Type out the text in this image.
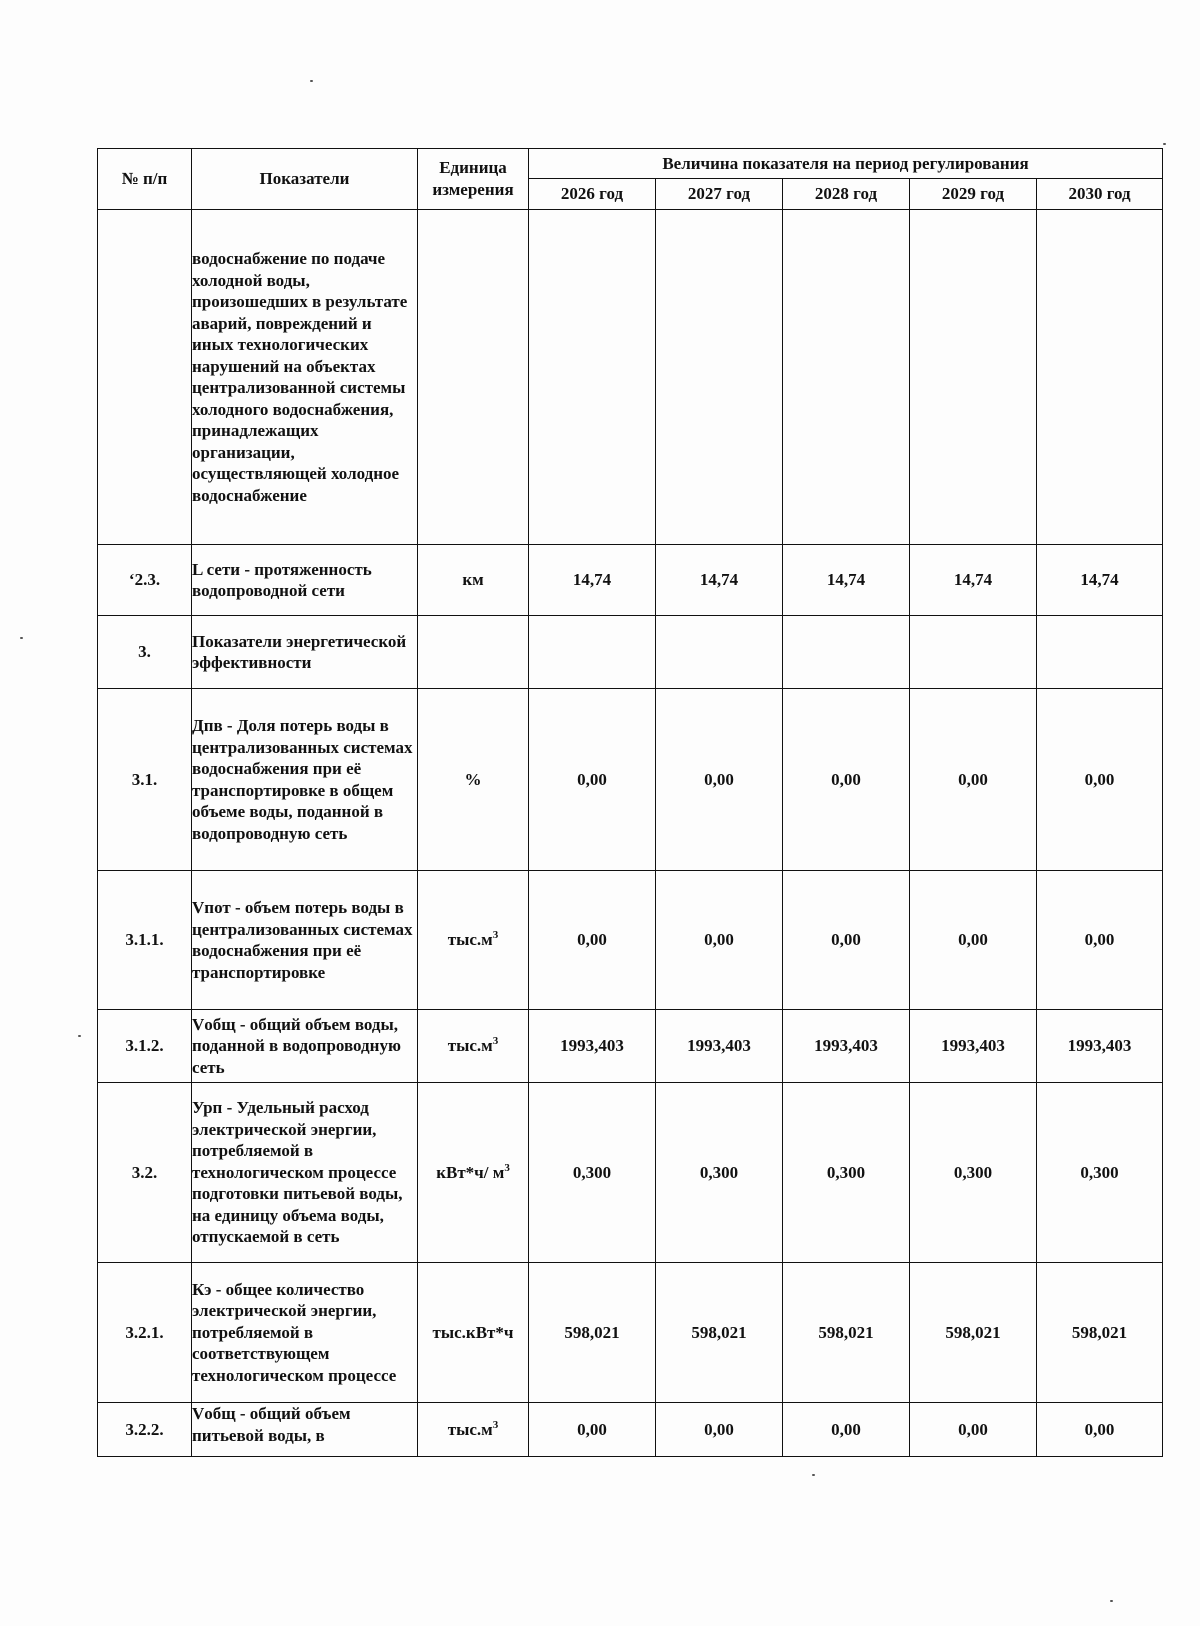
№ п/п	Показатели	Единица
измерения	Величина показателя на период регулирования				
			2026 год	2027 год	2028 год	2029 год	2030 год
	водоснабжение по подаче холодной воды, произошедших в результате аварий, повреждений и иных технологических нарушений на объектах централизованной системы холодного водоснабжения, принадлежащих организации, осуществляющей холодное водоснабжение						
ʻ2.3.	L сети - протяженность водопроводной сети	км	14,74	14,74	14,74	14,74	14,74
3.	Показатели энергетической эффективности						
3.1.	Дпв - Доля потерь воды в централизованных системах водоснабжения при её транспортировке в общем объеме воды, поданной в водопроводную сеть	%	0,00	0,00	0,00	0,00	0,00
3.1.1.	Vпот - объем потерь воды в централизованных системах водоснабжения при её транспортировке	$тыс.м^3$	0,00	0,00	0,00	0,00	0,00
3.1.2.	Vобщ - общий объем воды, поданной в водопроводную сеть	$тыс.м^3$	1993,403	1993,403	1993,403	1993,403	1993,403
3.2.	Урп - Удельный расход электрической энергии, потребляемой в технологическом процессе подготовки питьевой воды, на единицу объема воды, отпускаемой в сеть	кВт*ч/ $м^3$	0,300	0,300	0,300	0,300	0,300
3.2.1.	Кэ - общее количество электрической энергии, потребляемой в соответствующем технологическом процессе	тыс.кВт*ч	598,021	598,021	598,021	598,021	598,021
3.2.2.	Vобщ - общий объем питьевой воды, в	$тыс.м^3$	0,00	0,00	0,00	0,00	0,00
